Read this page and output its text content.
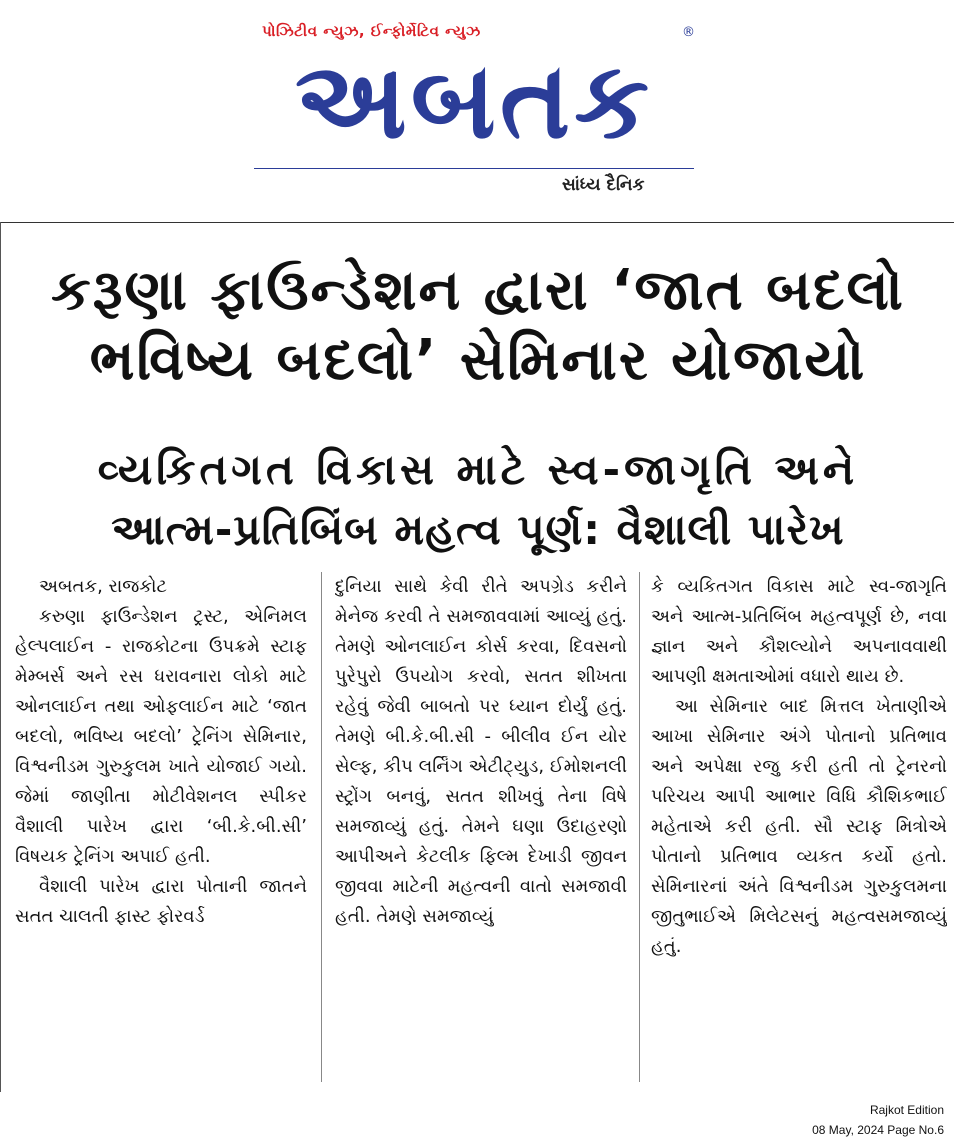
પોઝિટીવ ન્યુઝ, ઈન્ફોર્મેટિવ ન્યુઝ	®
અબતક
સાંધ્ય દૈનિક
કરૂણા ફાઉન્ડેશન દ્વારા ‘જાત બદલો
ભવિષ્ય બદલો’ સેમિનાર યોજાયો
વ્યકિતગત વિકાસ માટે સ્વ-જાગૃતિ અને
આત્મ-પ્રતિબિંબ મહત્વ પૂર્ણ: વૈશાલી પારેખ

અબતક, રાજકોટ

કરુણા ફાઉન્ડેશન ટ્રસ્ટ, એનિમલ હેલ્પલાઈન - રાજકોટના ઉપક્રમે સ્ટાફ મેમ્બર્સ અને રસ ધરાવનારા લોકો માટે ઓનલાઈન તથા ઓફલાઈન માટે ‘જાત બદલો, ભવિષ્ય બદલો’ ટ્રેનિંગ સેમિનાર, વિશ્વનીડમ ગુરુકુલમ ખાતે યોજાઈ ગયો. જેમાં જાણીતા મોટીવેશનલ સ્પીકર વૈશાલી પારેખ દ્વારા ‘બી.કે.બી.સી’ વિષયક ટ્રેનિંગ અપાઈ હતી.

વૈશાલી પારેખ દ્વારા પોતાની જાતને સતત ચાલતી ફાસ્ટ ફોરવર્ડ

દુનિયા સાથે કેવી રીતે અપગ્રેડ કરીને મેનેજ કરવી તે સમજાવવામાં આવ્યું હતું. તેમણે ઓનલાઈન કોર્સ કરવા, દિવસનો પુરેપુરો ઉપયોગ કરવો, સતત શીખતા રહેવું જેવી બાબતો પર ધ્યાન દોર્યું હતું. તેમણે બી.કે.બી.સી - બીલીવ ઈન યોર સેલ્ફ, કીપ લર્નિંગ એટીટ્યુડ, ઈમોશનલી સ્ટ્રોંગ બનવું, સતત શીખવું તેના વિષે સમજાવ્યું હતું. તેમને ઘણા ઉદાહરણો આપીઅને કેટલીક ફિલ્મ દેખાડી જીવન જીવવા માટેની મહત્વની વાતો સમજાવી હતી. તેમણે સમજાવ્યું

કે વ્યકિતગત વિકાસ માટે સ્વ-જાગૃતિ અને આત્મ-પ્રતિબિંબ મહત્વપૂર્ણ છે, નવા જ્ઞાન અને કૌશલ્યોને અપનાવવાથી આપણી ક્ષમતાઓમાં વધારો થાય છે.

આ સેમિનાર બાદ મિત્તલ ખેતાણીએ આખા સેમિનાર અંગે પોતાનો પ્રતિભાવ અને અપેક્ષા રજુ કરી હતી તો ટ્રેનરનો પરિચય આપી આભાર વિધિ કૌશિકભાઈ મહેતાએ કરી હતી. સૌ સ્ટાફ મિત્રોએ પોતાનો પ્રતિભાવ વ્યકત કર્યો હતો. સેમિનારનાં અંતે વિશ્વનીડમ ગુરુકુલમના જીતુભાઈએ મિલેટસનું મહત્વસમજાવ્યું હતું.

Rajkot Edition
08 May, 2024 Page No.6
